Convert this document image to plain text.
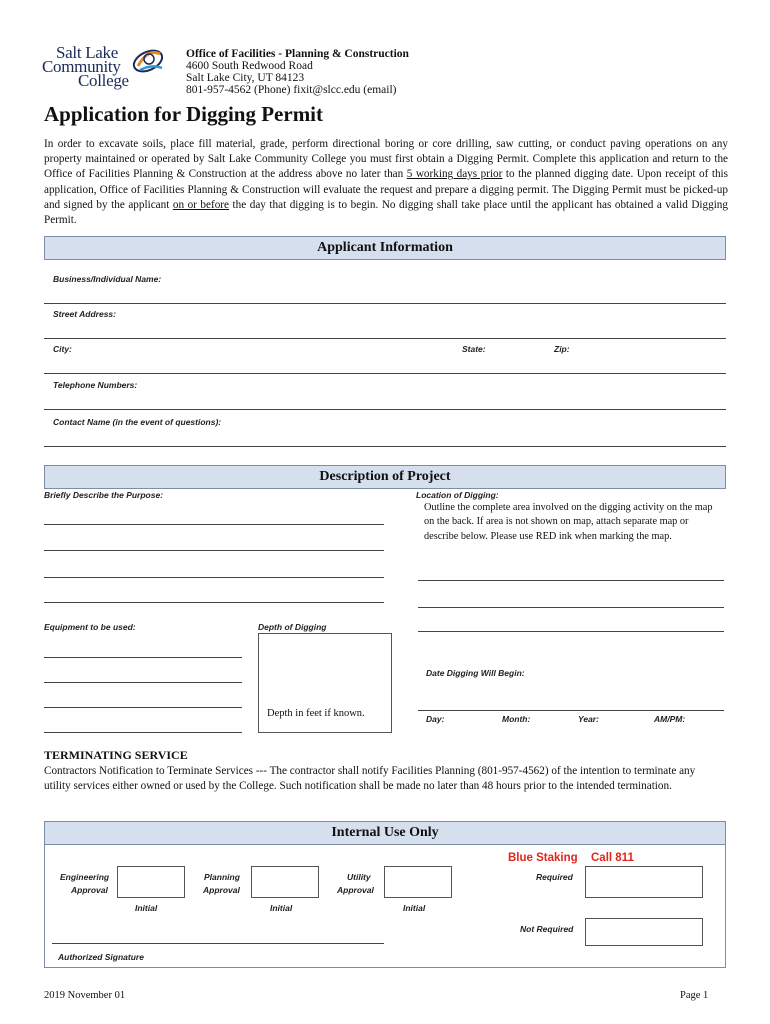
Salt Lake
Community
College
Office of Facilities - Planning & Construction
4600 South Redwood Road
Salt Lake City, UT 84123
801-957-4562 (Phone) fixit@slcc.edu (email)
Application for Digging Permit

In order to excavate soils, place fill material, grade, perform directional boring or core drilling, saw cutting, or conduct paving operations on any property maintained or operated by Salt Lake Community College you must first obtain a Digging Permit. Complete this application and return to the Office of Facilities Planning & Construction at the address above no later than 5 working days prior to the planned digging date. Upon receipt of this application, Office of Facilities Planning & Construction will evaluate the request and prepare a digging permit. The Digging Permit must be picked-up and signed by the applicant on or before the day that digging is to begin. No digging shall take place until the applicant has obtained a valid Digging Permit.

Applicant Information
Business/Individual Name:
Street Address:
City:	State:	Zip:
Telephone Numbers:
Contact Name (in the event of questions):
Description of Project
Briefly Describe the Purpose:	Location of Digging:
Outline the complete area involved on the digging activity on the map on the back. If area is not shown on map, attach separate map or describe below. Please use RED ink when marking the map.
Equipment to be used:	Depth of Digging
Depth in feet if known.
Date Digging Will Begin:
Day:	Month:	Year:	AM/PM:
TERMINATING SERVICE
Contractors Notification to Terminate Services --- The contractor shall notify Facilities Planning (801-957-4562) of the intention to terminate any utility services either owned or used by the College. Such notification shall be made no later than 48 hours prior to the intended termination.
Internal Use Only
Blue Staking Call 811
Engineering
Approval
Initial
Planning
Approval
Initial
Utility
Approval
Initial
Required
Not Required
Authorized Signature
2019 November 01	Page 1
